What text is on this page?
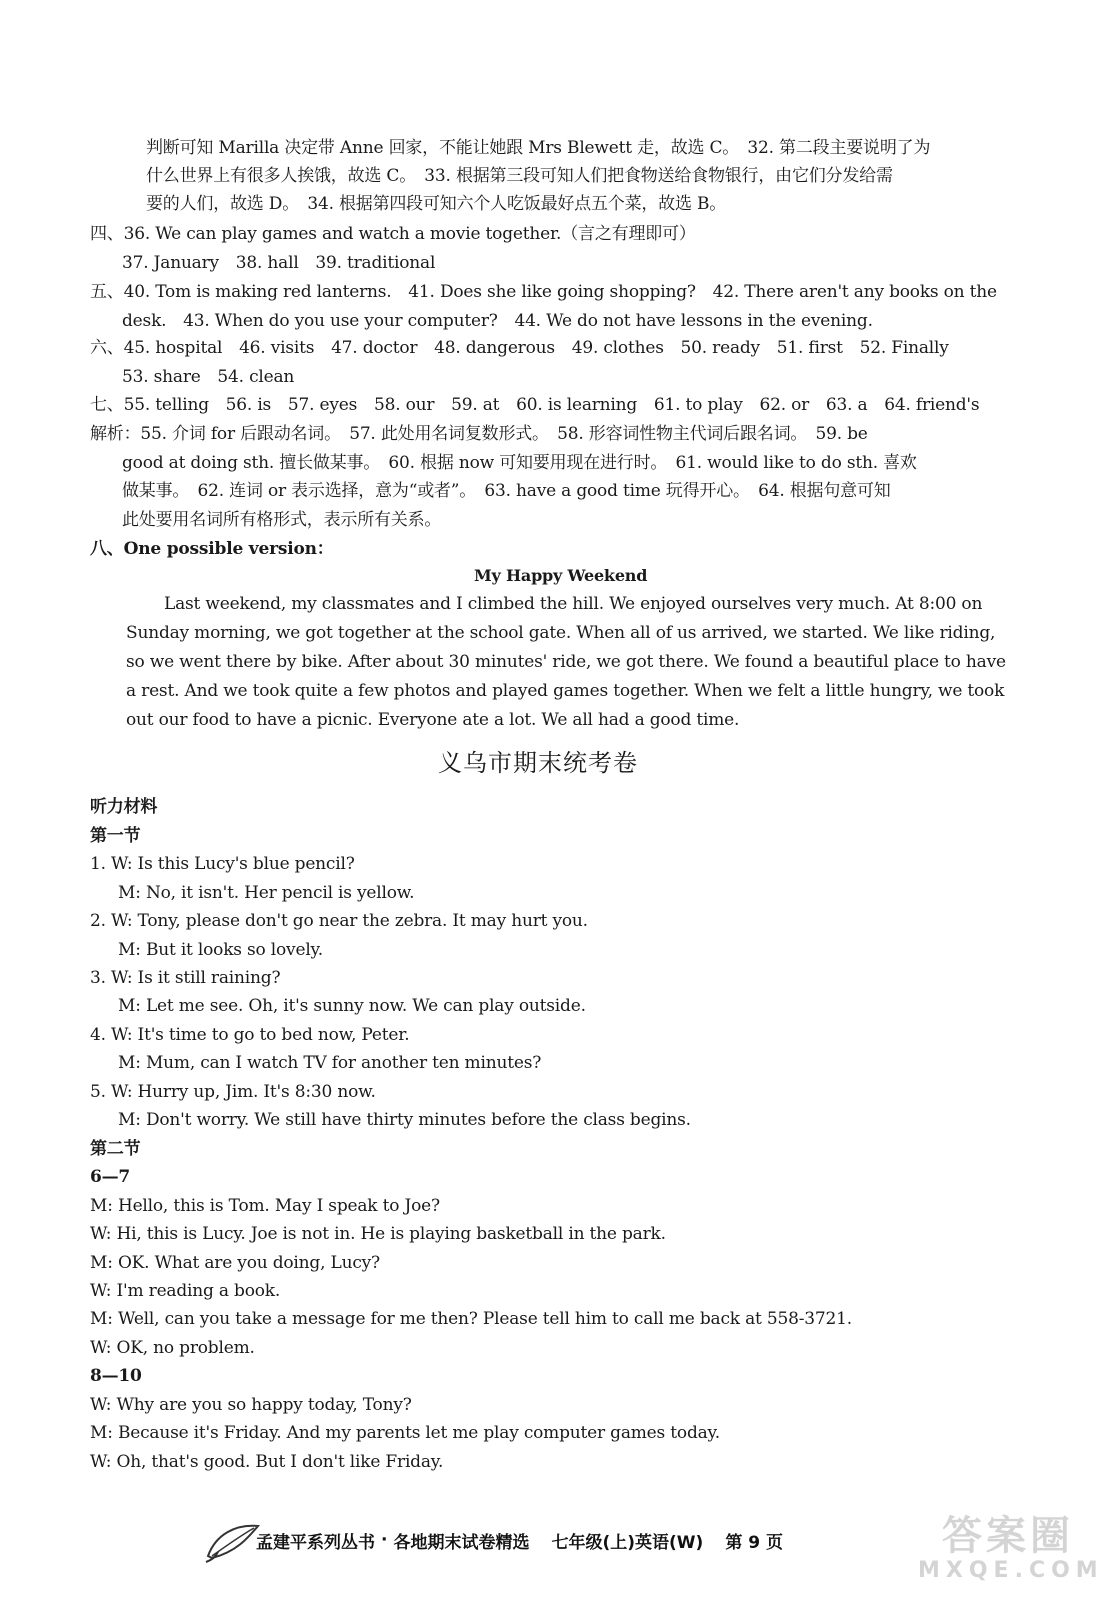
判断可知 Marilla 决定带 Anne 回家，不能让她跟 Mrs Blewett 走，故选 C。　32. 第二段主要说明了为
什么世界上有很多人挨饿，故选 C。　33. 根据第三段可知人们把食物送给食物银行，由它们分发给需
要的人们，故选 D。　34. 根据第四段可知六个人吃饭最好点五个菜，故选 B。
四、36. We can play games and watch a movie together.（言之有理即可）
37. January　38. hall　39. traditional
五、40. Tom is making red lanterns.　41. Does she like going shopping?　42. There aren't any books on the
desk.　43. When do you use your computer?　44. We do not have lessons in the evening.
六、45. hospital　46. visits　47. doctor　48. dangerous　49. clothes　50. ready　51. first　52. Finally
53. share　54. clean
七、55. telling　56. is　57. eyes　58. our　59. at　60. is learning　61. to play　62. or　63. a　64. friend's
解析：55. 介词 for 后跟动名词。　57. 此处用名词复数形式。　58. 形容词性物主代词后跟名词。　59. be
good at doing sth. 擅长做某事。　60. 根据 now 可知要用现在进行时。　61. would like to do sth. 喜欢
做某事。　62. 连词 or 表示选择，意为“或者”。　63. have a good time 玩得开心。　64. 根据句意可知
此处要用名词所有格形式，表示所有关系。
八、One possible version：
My Happy Weekend
Last weekend, my classmates and I climbed the hill. We enjoyed ourselves very much. At 8:00 on
Sunday morning, we got together at the school gate. When all of us arrived, we started. We like riding,
so we went there by bike. After about 30 minutes' ride, we got there. We found a beautiful place to have
a rest. And we took quite a few photos and played games together. When we felt a little hungry, we took
out our food to have a picnic. Everyone ate a lot. We all had a good time.
义乌市期末统考卷
听力材料
第一节
1. W: Is this Lucy's blue pencil?
M: No, it isn't. Her pencil is yellow.
2. W: Tony, please don't go near the zebra. It may hurt you.
M: But it looks so lovely.
3. W: Is it still raining?
M: Let me see. Oh, it's sunny now. We can play outside.
4. W: It's time to go to bed now, Peter.
M: Mum, can I watch TV for another ten minutes?
5. W: Hurry up, Jim. It's 8:30 now.
M: Don't worry. We still have thirty minutes before the class begins.
第二节
6—7
M: Hello, this is Tom. May I speak to Joe?
W: Hi, this is Lucy. Joe is not in. He is playing basketball in the park.
M: OK. What are you doing, Lucy?
W: I'm reading a book.
M: Well, can you take a message for me then? Please tell him to call me back at 558-3721.
W: OK, no problem.
8—10
W: Why are you so happy today, Tony?
M: Because it's Friday. And my parents let me play computer games today.
W: Oh, that's good. But I don't like Friday.
孟建平系列丛书 · 各地期末试卷精选 七年级(上)英语(W) 第 9 页	答案圈
MXQE.COM
